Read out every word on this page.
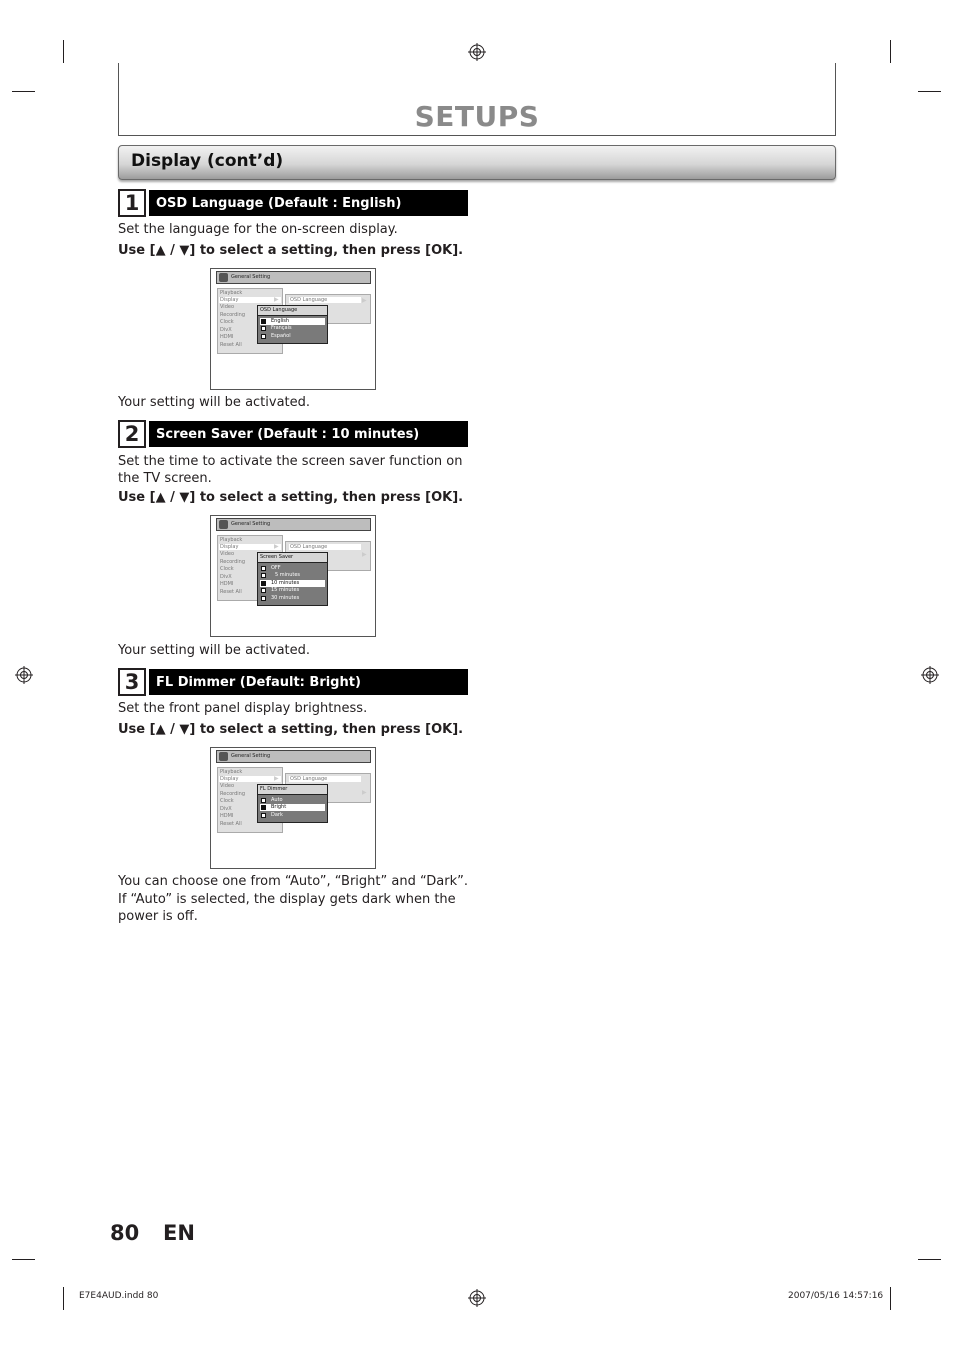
SETUPS
Display (cont’d)
1	OSD Language (Default : English)
Set the language for the on-screen display.
Use [▲ / ▼] to select a setting, then press [OK].
General Setting
Playback
Display	▶
Video
Recording
Clock
DivX
HDMI
Reset All
OSD Language	▶
OSD Language
English
Français
Español
Your setting will be activated.
2	Screen Saver (Default : 10 minutes)
Set the time to activate the screen saver function on the TV screen.
Use [▲ / ▼] to select a setting, then press [OK].
General Setting
Playback
Display	▶
Video
Recording
Clock
DivX
HDMI
Reset All
OSD Language
▶
Screen Saver
OFF
5 minutes
10 minutes
15 minutes
30 minutes
Your setting will be activated.
3	FL Dimmer (Default: Bright)
Set the front panel display brightness.
Use [▲ / ▼] to select a setting, then press [OK].
General Setting
Playback
Display	▶
Video
Recording
Clock
DivX
HDMI
Reset All
OSD Language
▶
FL Dimmer
Auto
Bright
Dark
You can choose one from “Auto”, “Bright” and “Dark”.
If “Auto” is selected, the display gets dark when the
power is off.
80 EN
E7E4AUD.indd 80	2007/05/16 14:57:16
